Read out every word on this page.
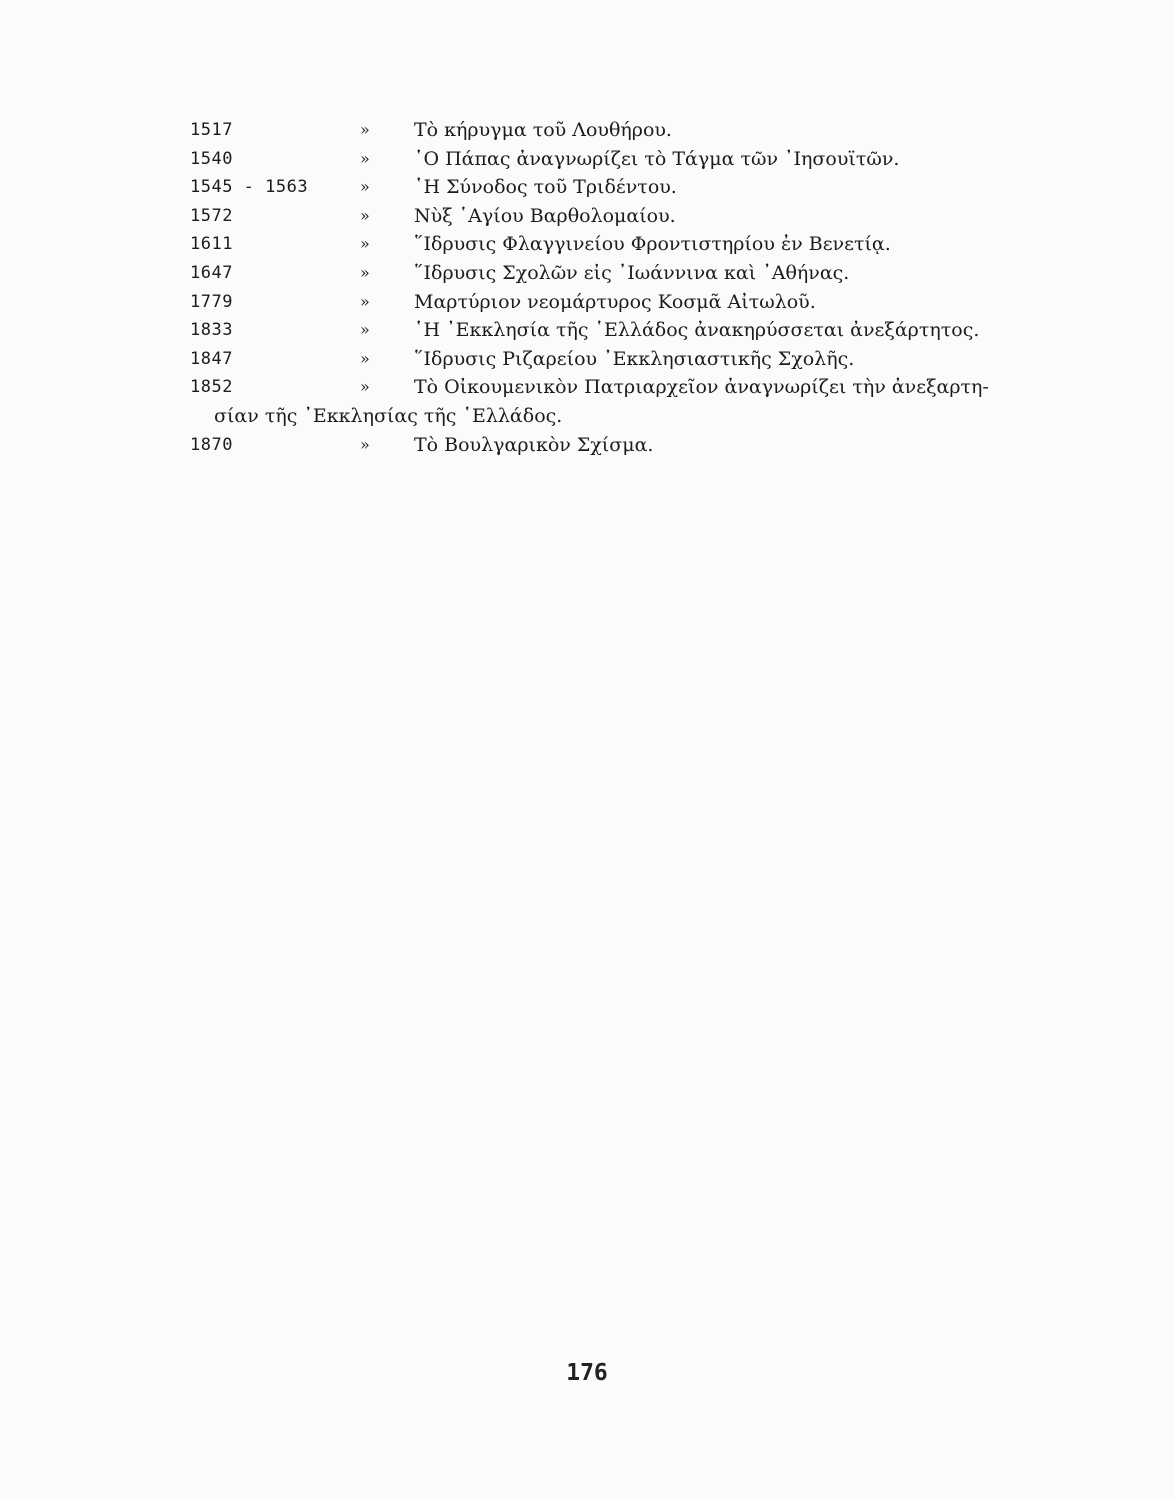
1517	»	Τὸ κήρυγμα τοῦ Λουθήρου.
1540	»	῾Ο Πάπας ἀναγνωρίζει τὸ Τάγμα τῶν ᾿Ιησουϊτῶν.
1545 - 1563	»	῾Η Σύνοδος τοῦ Τριδέντου.
1572	»	Νὺξ ῾Αγίου Βαρθολομαίου.
1611	»	῞Ιδρυσις Φλαγγινείου Φροντιστηρίου ἐν Βενετίᾳ.
1647	»	῞Ιδρυσις Σχολῶν εἰς ᾿Ιωάννινα καὶ ᾿Αθήνας.
1779	»	Μαρτύριον νεομάρτυρος Κοσμᾶ Αἰτωλοῦ.
1833	»	῾Η ᾿Εκκλησία τῆς ῾Ελλάδος ἀνακηρύσσεται ἀνεξάρτητος.
1847	»	῞Ιδρυσις Ριζαρείου ᾿Εκκλησιαστικῆς Σχολῆς.
1852	»	Τὸ Οἰκουμενικὸν Πατριαρχεῖον ἀναγνωρίζει τὴν ἀνεξαρτη-
σίαν τῆς ᾿Εκκλησίας τῆς ῾Ελλάδος.
1870	»	Τὸ Βουλγαρικὸν Σχίσμα.
176
